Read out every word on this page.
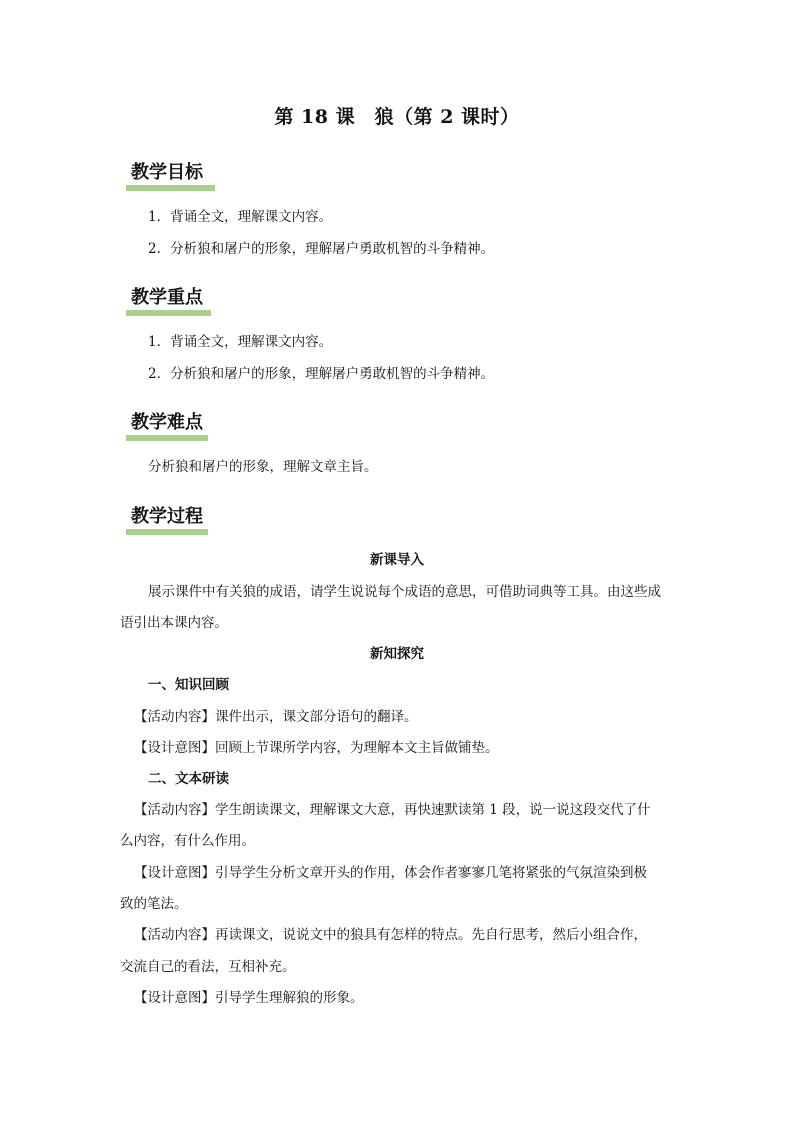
第 18 课　狼（第 2 课时）
教学目标
1．背诵全文，理解课文内容。
2．分析狼和屠户的形象，理解屠户勇敢机智的斗争精神。
教学重点
1．背诵全文，理解课文内容。
2．分析狼和屠户的形象，理解屠户勇敢机智的斗争精神。
教学难点
分析狼和屠户的形象，理解文章主旨。
教学过程
新课导入
展示课件中有关狼的成语，请学生说说每个成语的意思，可借助词典等工具。由这些成
语引出本课内容。
新知探究
一、知识回顾
【活动内容】课件出示，课文部分语句的翻译。
【设计意图】回顾上节课所学内容，为理解本文主旨做铺垫。
二、文本研读
【活动内容】学生朗读课文，理解课文大意，再快速默读第 1 段，说一说这段交代了什
么内容，有什么作用。
【设计意图】引导学生分析文章开头的作用，体会作者寥寥几笔将紧张的气氛渲染到极
致的笔法。
【活动内容】再读课文，说说文中的狼具有怎样的特点。先自行思考，然后小组合作，
交流自己的看法，互相补充。
【设计意图】引导学生理解狼的形象。
